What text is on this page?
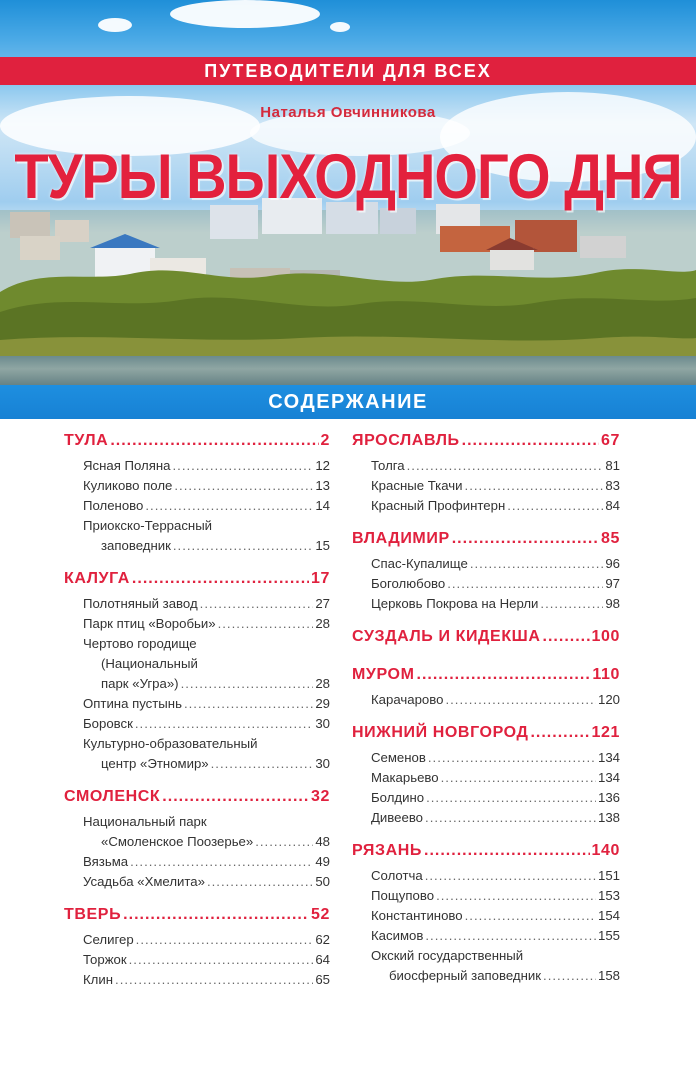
ПУТЕВОДИТЕЛИ ДЛЯ ВСЕХ
Наталья Овчинникова
ТУРЫ ВЫХОДНОГО ДНЯ
СОДЕРЖАНИЕ
ТУЛА .....	2
Ясная Поляна .....	12
Куликово поле .....	13
Поленово .....	14
Приокско-Террасный
заповедник .....	15
КАЛУГА .....	17
Полотняный завод .....	27
Парк птиц «Воробьи» .....	28
Чертово городище
(Национальный
парк «Угра») .....	28
Оптина пустынь .....	29
Боровск .....	30
Культурно-образовательный
центр «Этномир» .....	30
СМОЛЕНСК .....	32
Национальный парк
«Смоленское Поозерье» .....	48
Вязьма .....	49
Усадьба «Хмелита» .....	50
ТВЕРЬ .....	52
Селигер .....	62
Торжок .....	64
Клин .....	65
ЯРОСЛАВЛЬ .....	67
Толга .....	81
Красные Ткачи .....	83
Красный Профинтерн .....	84
ВЛАДИМИР .....	85
Спас-Купалище .....	96
Боголюбово .....	97
Церковь Покрова на Нерли .....	98
СУЗДАЛЬ И КИДЕКША .....	100
МУРОМ .....	110
Карачарово .....	120
НИЖНИЙ НОВГОРОД .....	121
Семенов .....	134
Макарьево .....	134
Болдино .....	136
Дивеево .....	138
РЯЗАНЬ .....	140
Солотча .....	151
Пощупово .....	153
Константиново .....	154
Касимов .....	155
Окский государственный
биосферный заповедник .....	158
